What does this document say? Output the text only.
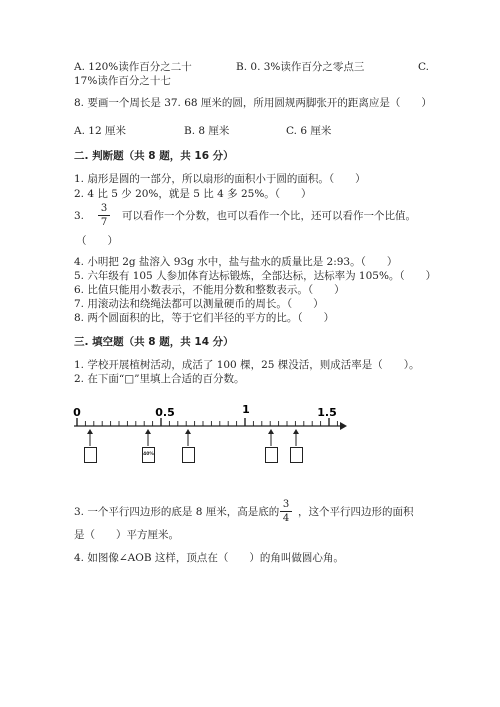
A. 120%读作百分之二十	B. 0. 3%读作百分之零点三	C.
17%读作百分之十七
8. 要画一个周长是 37. 68 厘米的圆，所用圆规两脚张开的距离应是（　　）
A. 12 厘米	B. 8 厘米	C. 6 厘米
二. 判断题（共 8 题，共 16 分）
1. 扇形是圆的一部分，所以扇形的面积小于圆的面积。（　　）
2. 4 比 5 少 20%，就是 5 比 4 多 25%。（　　）
3.
3
7
可以看作一个分数，也可以看作一个比，还可以看作一个比值。
（　　）
4. 小明把 2g 盐溶入 93g 水中，盐与盐水的质量比是 2:93。（　　）
5. 六年级有 105 人参加体育达标锻炼，全部达标，达标率为 105%。（　　）
6. 比值只能用小数表示，不能用分数和整数表示。（　　）
7. 用滚动法和绕绳法都可以测量硬币的周长。（　　）
8. 两个圆面积的比，等于它们半径的平方的比。（　　）
三. 填空题（共 8 题，共 14 分）
1. 学校开展植树活动，成活了 100 棵，25 棵没活，则成活率是（　　）。
2. 在下面“□”里填上合适的百分数。
0	0.5	1	1.5
40%
3. 一个平行四边形的底是 8 厘米，高是底的
3
4
，这个平行四边形的面积
是（　　）平方厘米。
4. 如图像∠AOB 这样，顶点在（　　）的角叫做圆心角。
